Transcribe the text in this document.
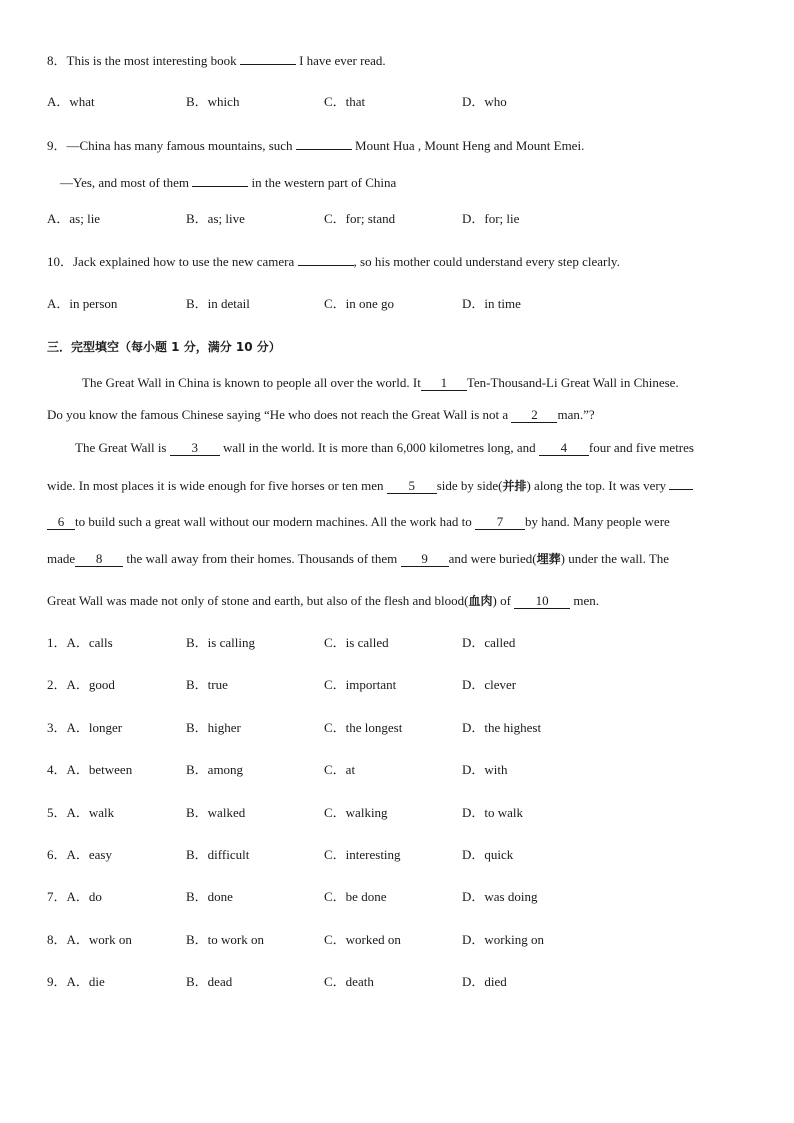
8．This is the most interesting book	I have ever read.
A．what	B．which	C．that	D．who
9．—China has many famous mountains, such	Mount Hua , Mount Heng and Mount Emei.
—Yes, and most of them	in the western part of China
A．as; lie	B．as; live	C．for; stand	D．for; lie
10．Jack explained how to use the new camera	, so his mother could understand every step clearly.
A．in person	B．in detail	C．in one go	D．in time
三．完型填空（每小题 1 分，满分 10 分）
The Great Wall in China is known to people all over the world. It 1 Ten-Thousand-Li Great Wall in Chinese.
Do you know the famous Chinese saying “He who does not reach the Great Wall is not a 2 man.”?
The Great Wall is 3 wall in the world. It is more than 6,000 kilometres long, and 4 four and five metres
wide. In most places it is wide enough for five horses or ten men 5 side by side(并排) along the top. It was very
6 to build such a great wall without our modern machines. All the work had to 7 by hand. Many people were
made 8 the wall away from their homes. Thousands of them 9 and were buried(埋葬) under the wall. The
Great Wall was made not only of stone and earth, but also of the flesh and blood(血肉) of 10 men.
1．A．calls	B．is calling	C．is called	D．called
2．A．good	B．true	C．important	D．clever
3．A．longer	B．higher	C．the longest	D．the highest
4．A．between	B．among	C．at	D．with
5．A．walk	B．walked	C．walking	D．to walk
6．A．easy	B．difficult	C．interesting	D．quick
7．A．do	B．done	C．be done	D．was doing
8．A．work on	B．to work on	C．worked on	D．working on
9．A．die	B．dead	C．death	D．died
